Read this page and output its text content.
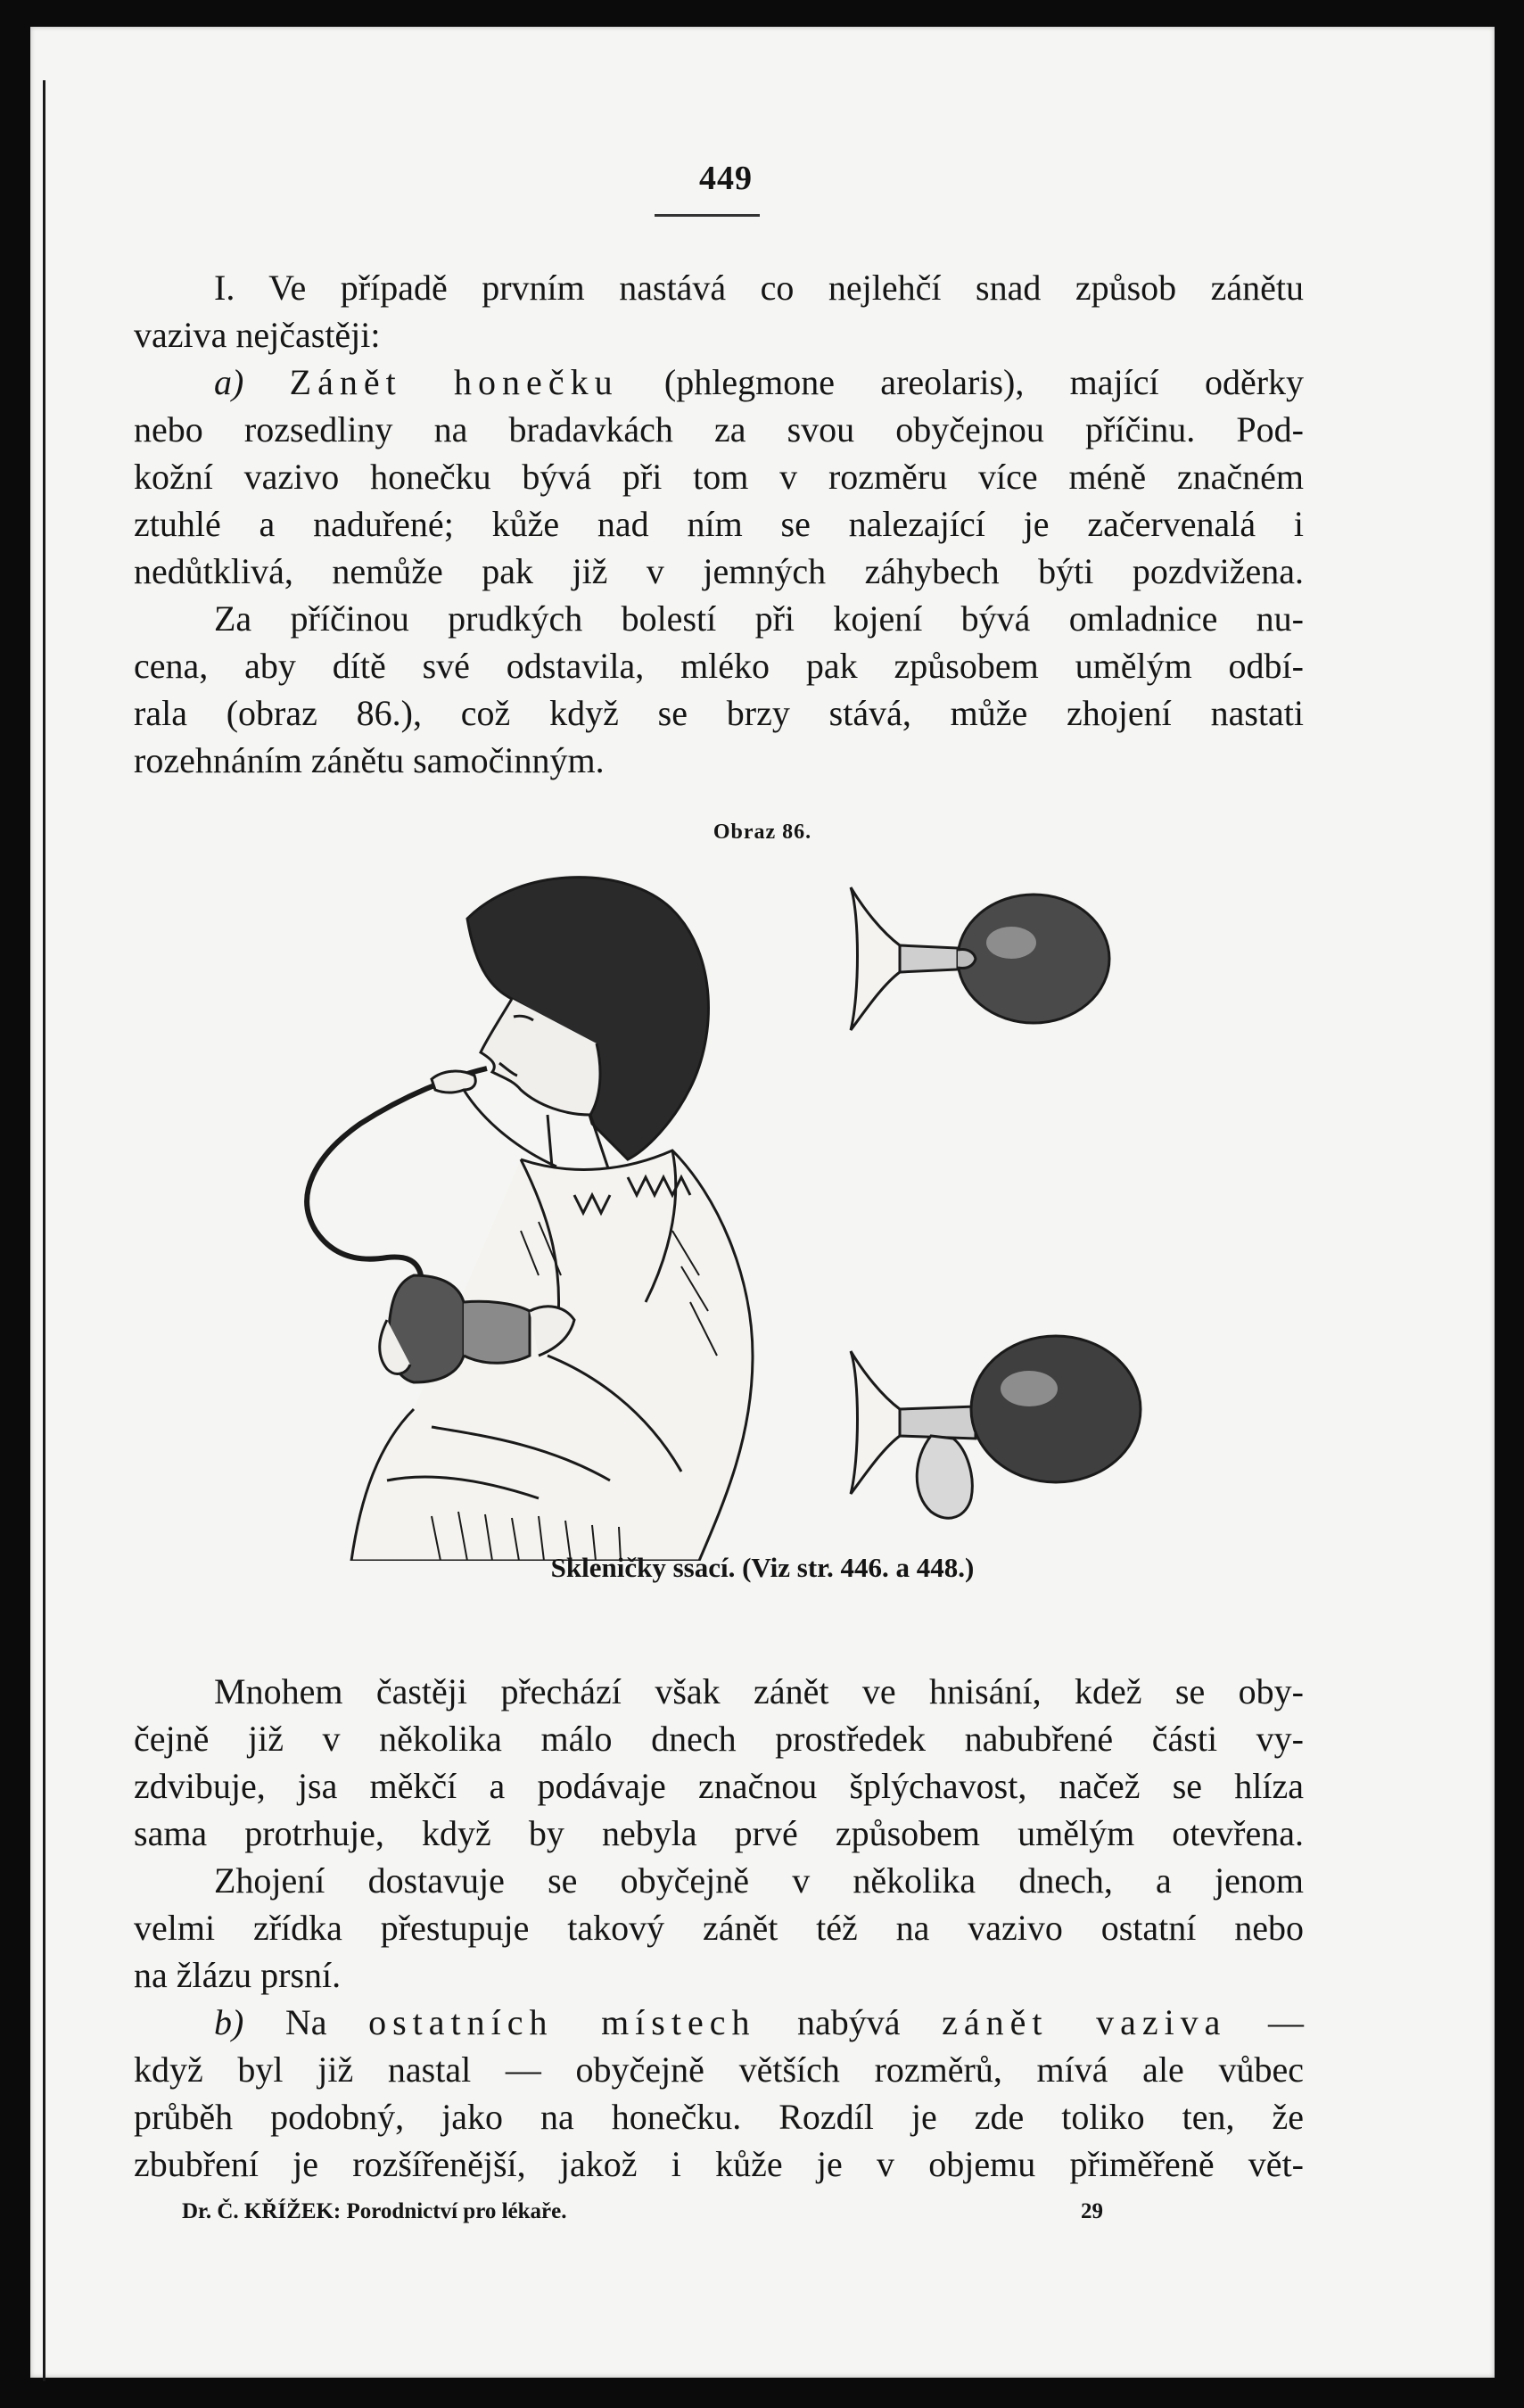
449
I. Ve případě prvním nastává co nejlehčí snad způsob zánětu
vaziva nejčastěji:
a) Zánět honečku (phlegmone areolaris), mající oděrky
nebo rozsedliny na bradavkách za svou obyčejnou příčinu. Pod-
kožní vazivo honečku bývá při tom v rozměru více méně značném
ztuhlé a naduřené; kůže nad ním se nalezající je začervenalá i
nedůtklivá, nemůže pak již v jemných záhybech býti pozdvižena.
Za příčinou prudkých bolestí při kojení bývá omladnice nu-
cena, aby dítě své odstavila, mléko pak způsobem umělým odbí-
rala (obraz 86.), což když se brzy stává, může zhojení nastati
rozehnáním zánětu samočinným.
Obraz 86.
Skleničky ssací. (Viz str. 446. a 448.)
Mnohem častěji přechází však zánět ve hnisání, kdež se oby-
čejně již v několika málo dnech prostředek nabubřené části vy-
zdvibuje, jsa měkčí a podávaje značnou šplýchavost, načež se hlíza
sama protrhuje, když by nebyla prvé způsobem umělým otevřena.
Zhojení dostavuje se obyčejně v několika dnech, a jenom
velmi zřídka přestupuje takový zánět též na vazivo ostatní nebo
na žlázu prsní.
b) Na ostatních místech nabývá zánět vaziva —
když byl již nastal — obyčejně větších rozměrů, mívá ale vůbec
průběh podobný, jako na honečku. Rozdíl je zde toliko ten, že
zbubření je rozšířenější, jakož i kůže je v objemu přiměřeně vět-
Dr. Č. KŘÍŽEK: Porodnictví pro lékaře.	29
